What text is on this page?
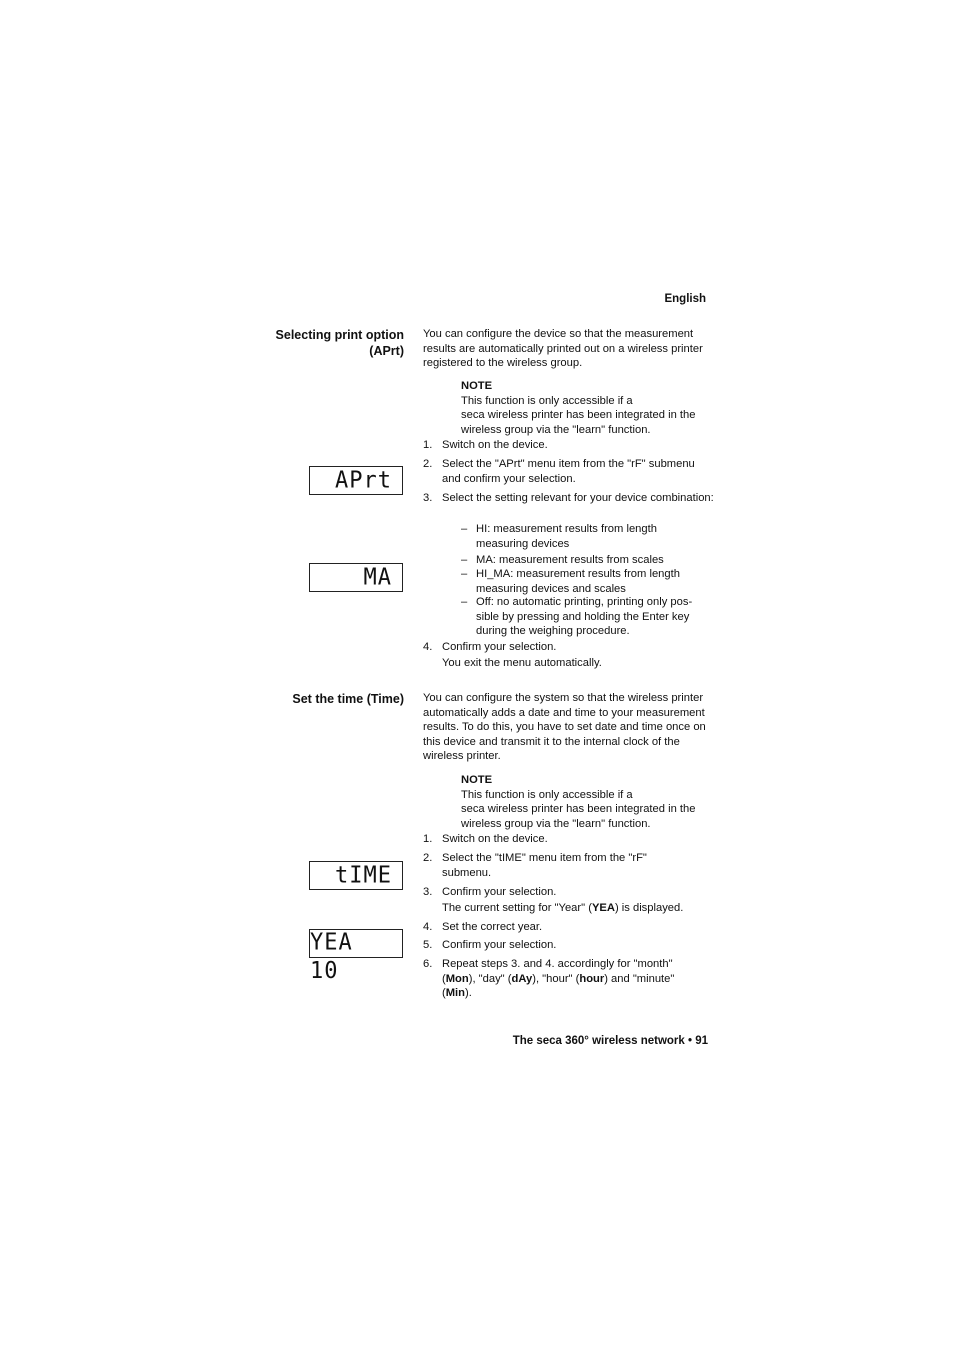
English
Selecting print option
(APrt)
You can configure the device so that the measurement results are automatically printed out on a wireless printer registered to the wireless group.
NOTE
This function is only accessible if a
seca wireless printer has been integrated in the wireless group via the "learn" function.
1. Switch on the device.
2. Select the "APrt" menu item from the "rF" submenu and confirm your selection.
3. Select the setting relevant for your device combination:
– HI: measurement results from length measuring devices
– MA: measurement results from scales
– HI_MA: measurement results from length measuring devices and scales
– Off: no automatic printing, printing only pos-sible by pressing and holding the Enter key during the weighing procedure.
4. Confirm your selection.
You exit the menu automatically.
APrt
MA
Set the time (Time) You can configure the system so that the wireless printer automatically adds a date and time to your measurement results. To do this, you have to set date and time once on this device and transmit it to the internal clock of the wireless printer.
NOTE
This function is only accessible if a
seca wireless printer has been integrated in the wireless group via the "learn" function.
1. Switch on the device.
2. Select the "tIME" menu item from the "rF" submenu.
3. Confirm your selection.
The current setting for "Year" (YEA) is displayed.
4. Set the correct year.
5. Confirm your selection.
6. Repeat steps 3. and 4. accordingly for "month" (Mon), "day" (dAy), "hour" (hour) and "minute" (Min).
tIME
YEA 10
The seca 360° wireless network • 91
